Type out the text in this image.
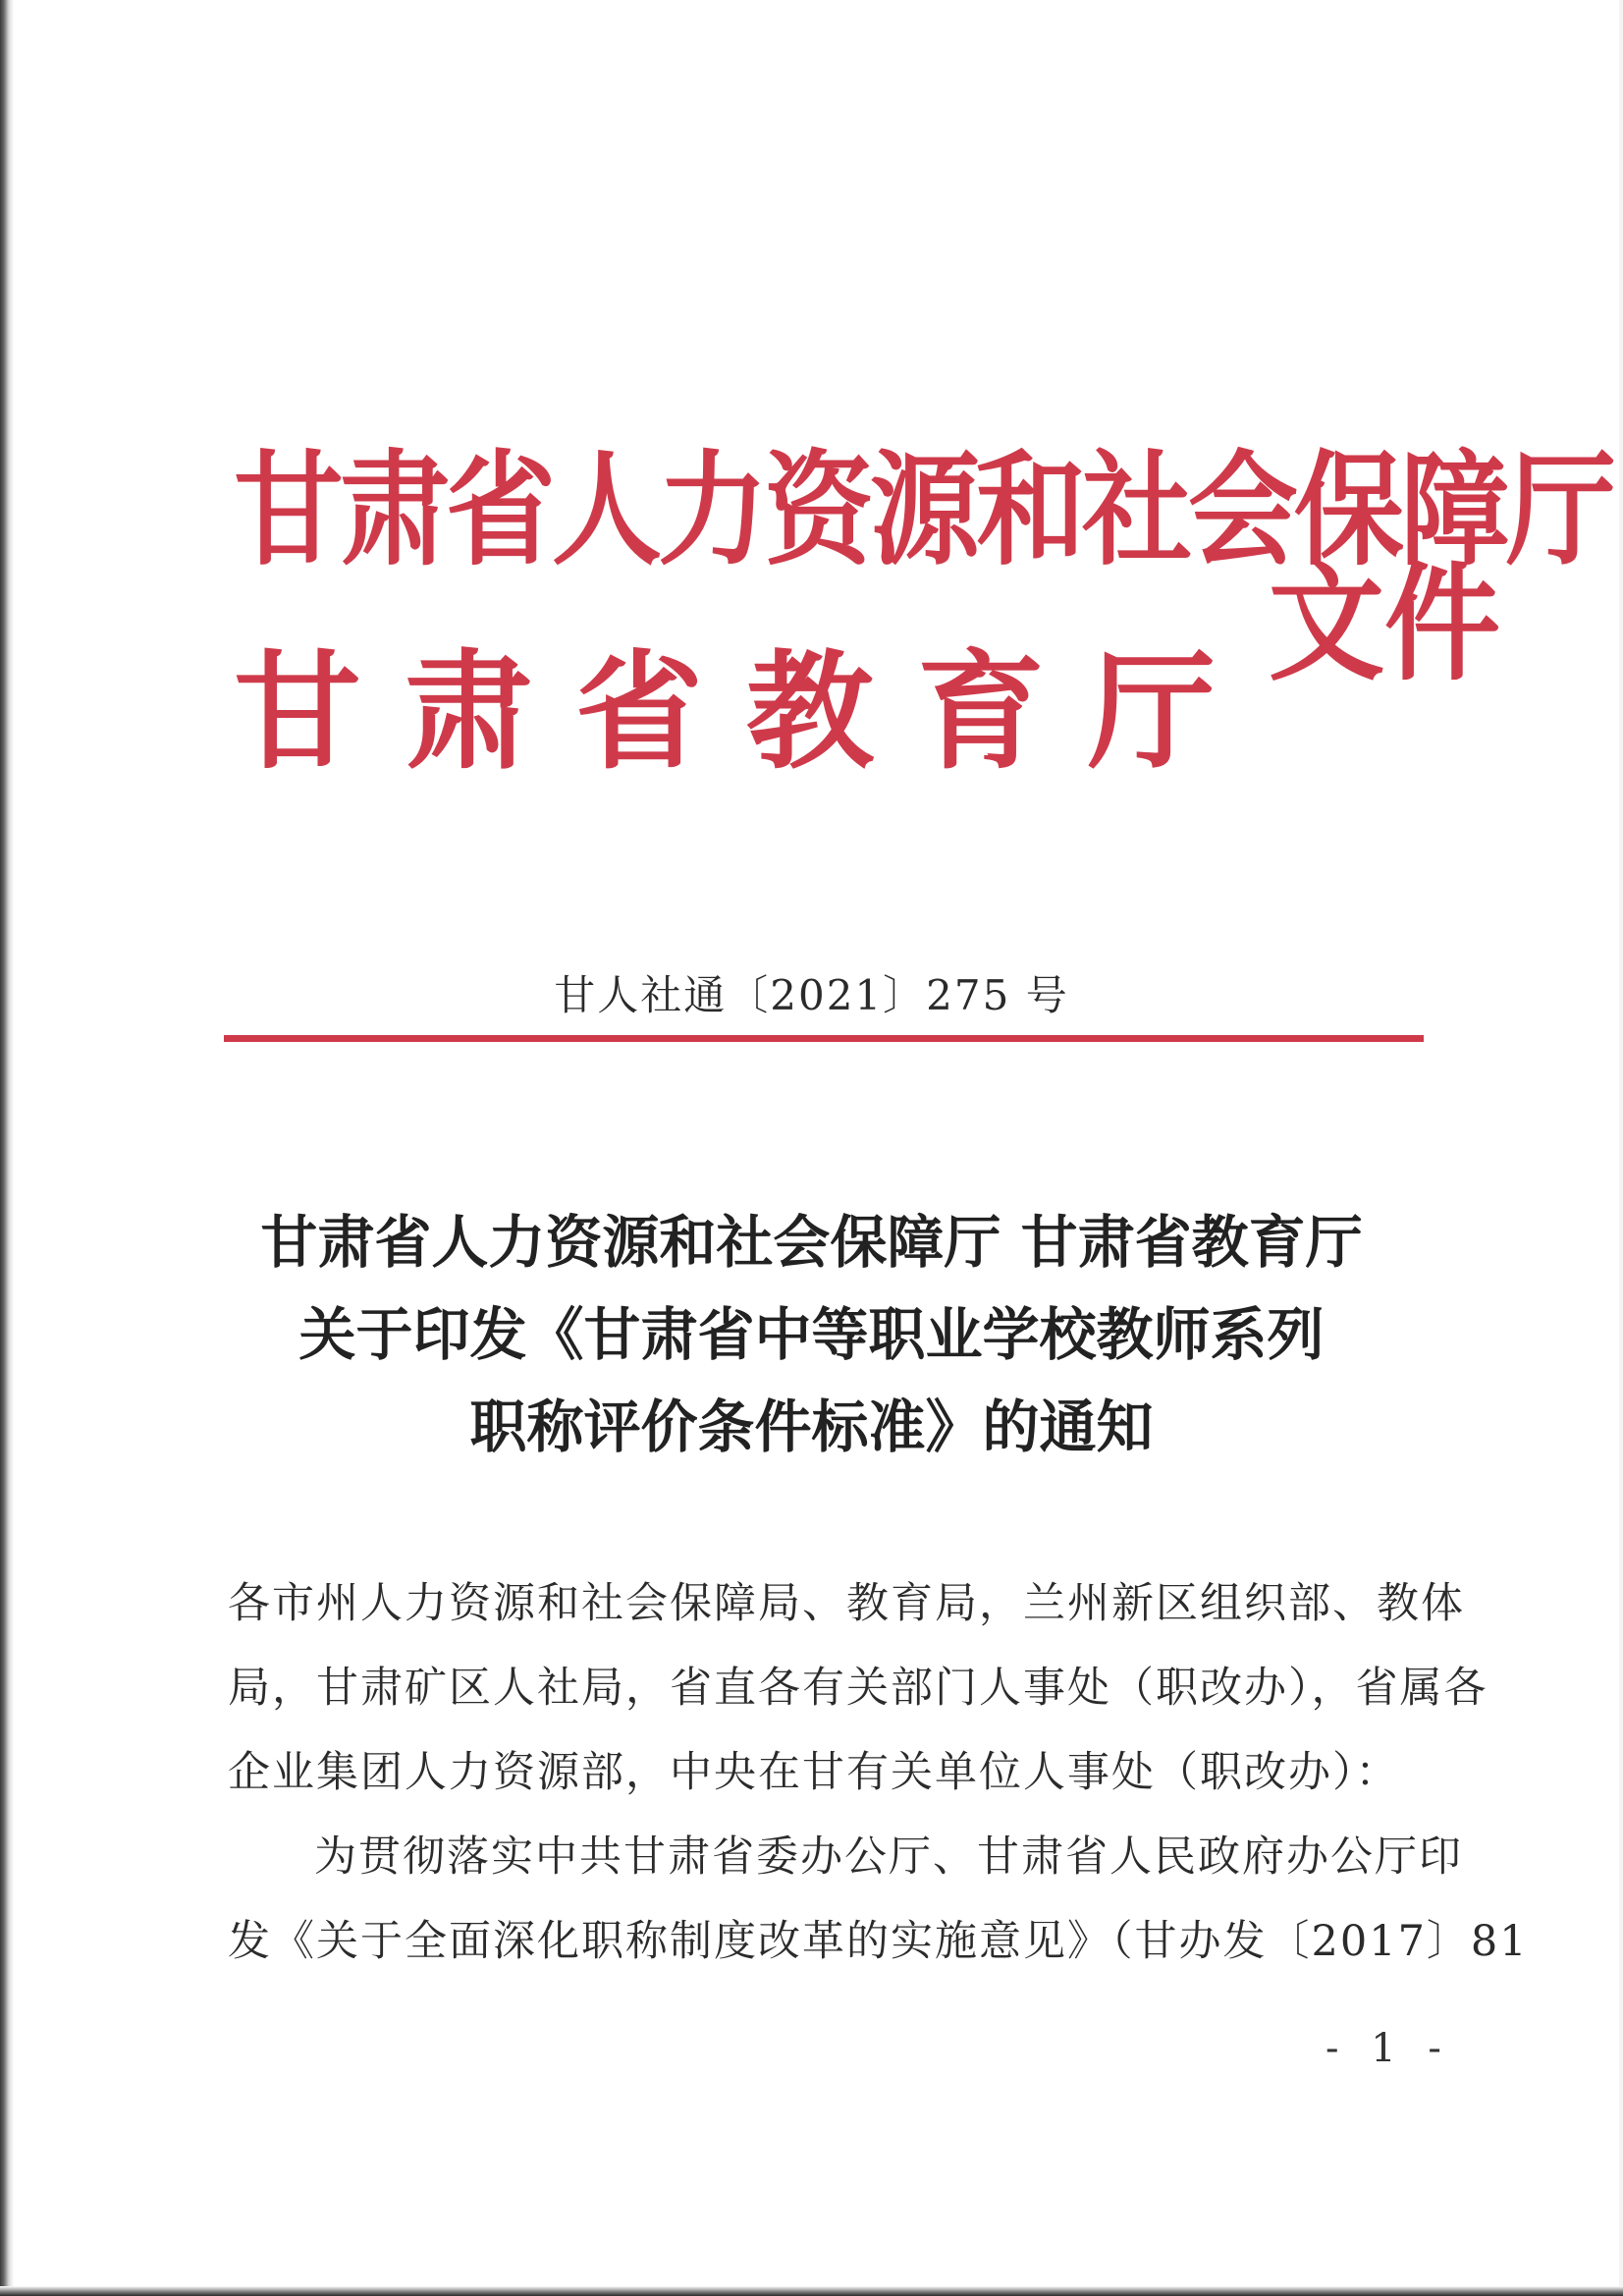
甘肃省人力资源和社会保障厅
甘肃省教育厅
文件
甘人社通〔2021〕275 号
甘肃省人力资源和社会保障厅 甘肃省教育厅
关于印发《甘肃省中等职业学校教师系列
职称评价条件标准》的通知
各市州人力资源和社会保障局、教育局，兰州新区组织部、教体
局，甘肃矿区人社局，省直各有关部门人事处（职改办），省属各
企业集团人力资源部，中央在甘有关单位人事处（职改办）：
为贯彻落实中共甘肃省委办公厅、甘肃省人民政府办公厅印
发《关于全面深化职称制度改革的实施意见》（甘办发〔2017〕81
- 1 -
